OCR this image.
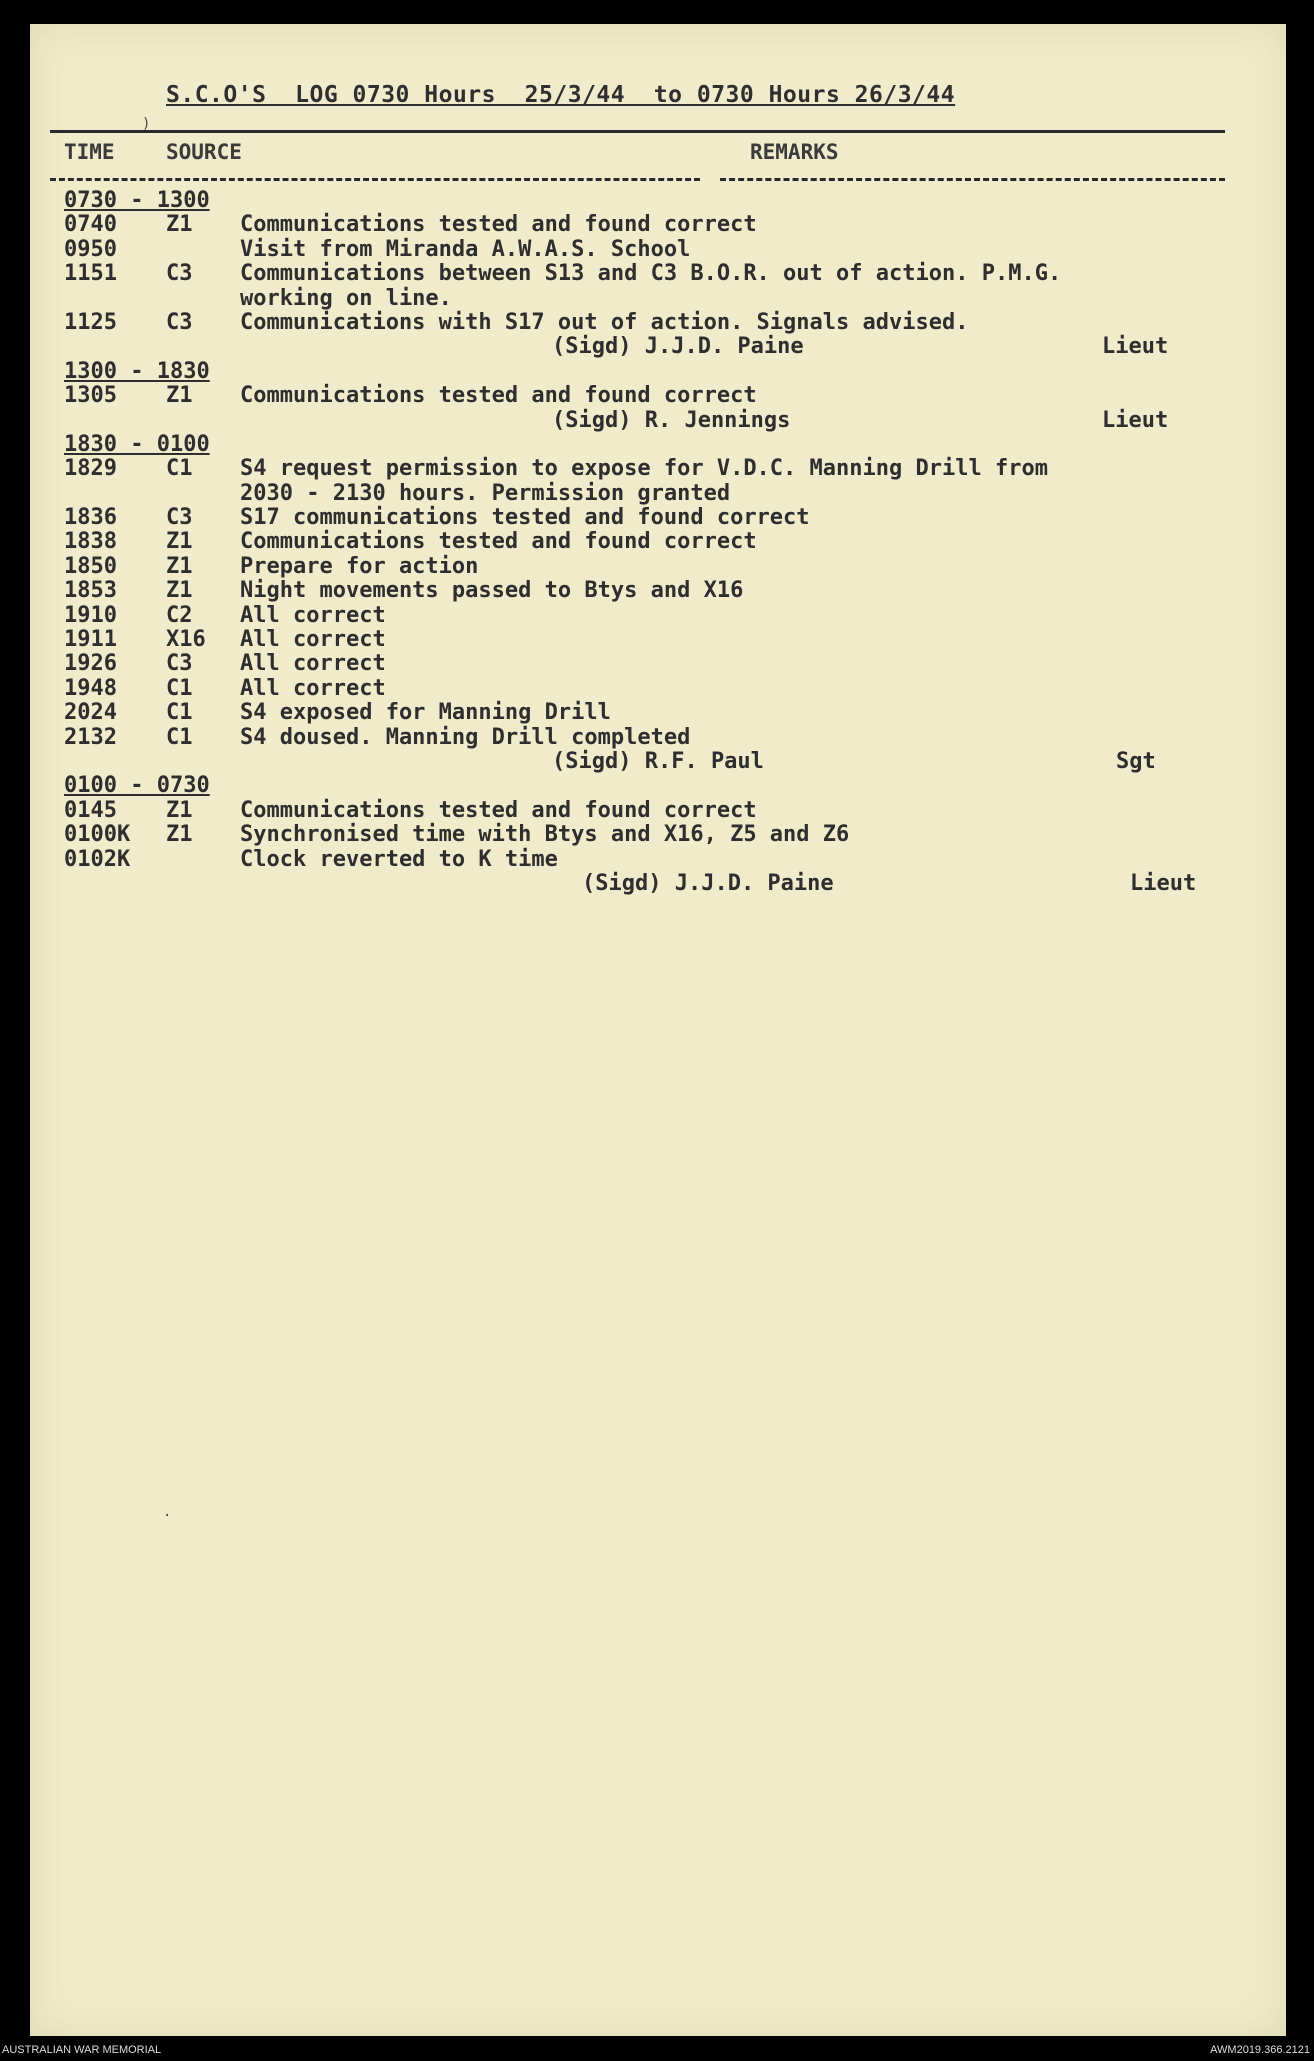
S.C.O'S  LOG 0730 Hours  25/3/44  to 0730 Hours 26/3/44
)
TIME SOURCE	REMARKS
0730 - 1300
0740 Z1 Communications tested and found correct
0950	Visit from Miranda A.W.A.S. School
1151 C3 Communications between S13 and C3 B.O.R. out of action. P.M.G.
working on line.
1125 C3 Communications with S17 out of action. Signals advised.
(Sigd) J.J.D. Paine	Lieut
1300 - 1830
1305 Z1 Communications tested and found correct
(Sigd) R. Jennings	Lieut
1830 - 0100
1829 C1 S4 request permission to expose for V.D.C. Manning Drill from
2030 - 2130 hours. Permission granted
1836 C3 S17 communications tested and found correct
1838 Z1 Communications tested and found correct
1850 Z1 Prepare for action
1853 Z1 Night movements passed to Btys and X16
1910 C2 All correct
1911 X16 All correct
1926 C3 All correct
1948 C1 All correct
2024 C1 S4 exposed for Manning Drill
2132 C1 S4 doused. Manning Drill completed
(Sigd) R.F. Paul	Sgt
0100 - 0730
0145 Z1 Communications tested and found correct
0100K Z1 Synchronised time with Btys and X16, Z5 and Z6
0102K	Clock reverted to K time
(Sigd) J.J.D. Paine	Lieut
·
AUSTRALIAN WAR MEMORIAL	AWM2019.366.2121
